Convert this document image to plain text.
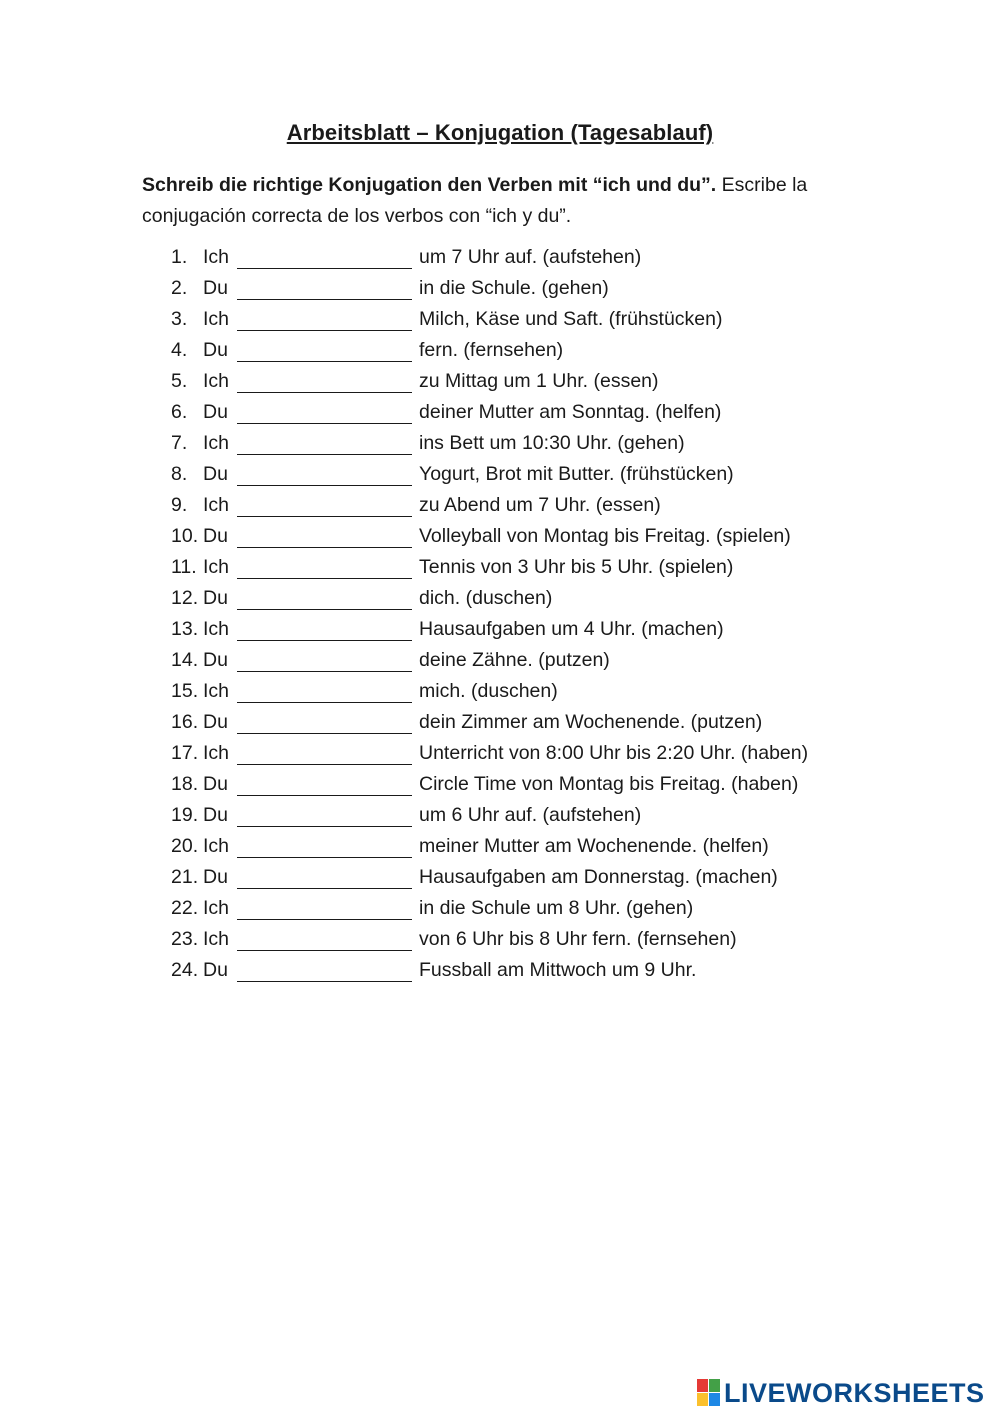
Arbeitsblatt – Konjugation (Tagesablauf)
Schreib die richtige Konjugation den Verben mit “ich und du”. Escribe la conjugación correcta de los verbos con “ich y du”.
1. Ich	um 7 Uhr auf. (aufstehen)
2. Du	in die Schule. (gehen)
3. Ich	Milch, Käse und Saft. (frühstücken)
4. Du	fern. (fernsehen)
5. Ich	zu Mittag um 1 Uhr. (essen)
6. Du	deiner Mutter am Sonntag. (helfen)
7. Ich	ins Bett um 10:30 Uhr. (gehen)
8. Du	Yogurt, Brot mit Butter. (frühstücken)
9. Ich	zu Abend um 7 Uhr. (essen)
10. Du	Volleyball von Montag bis Freitag. (spielen)
11. Ich	Tennis von 3 Uhr bis 5 Uhr. (spielen)
12. Du	dich. (duschen)
13. Ich	Hausaufgaben um 4 Uhr. (machen)
14. Du	deine Zähne. (putzen)
15. Ich	mich. (duschen)
16. Du	dein Zimmer am Wochenende. (putzen)
17. Ich	Unterricht von 8:00 Uhr bis 2:20 Uhr. (haben)
18. Du	Circle Time von Montag bis Freitag. (haben)
19. Du	um 6 Uhr auf. (aufstehen)
20. Ich	meiner Mutter am Wochenende. (helfen)
21. Du	Hausaufgaben am Donnerstag. (machen)
22. Ich	in die Schule um 8 Uhr. (gehen)
23. Ich	von 6 Uhr bis 8 Uhr fern. (fernsehen)
24. Du	Fussball am Mittwoch um 9 Uhr.
LIVEWORKSHEETS
